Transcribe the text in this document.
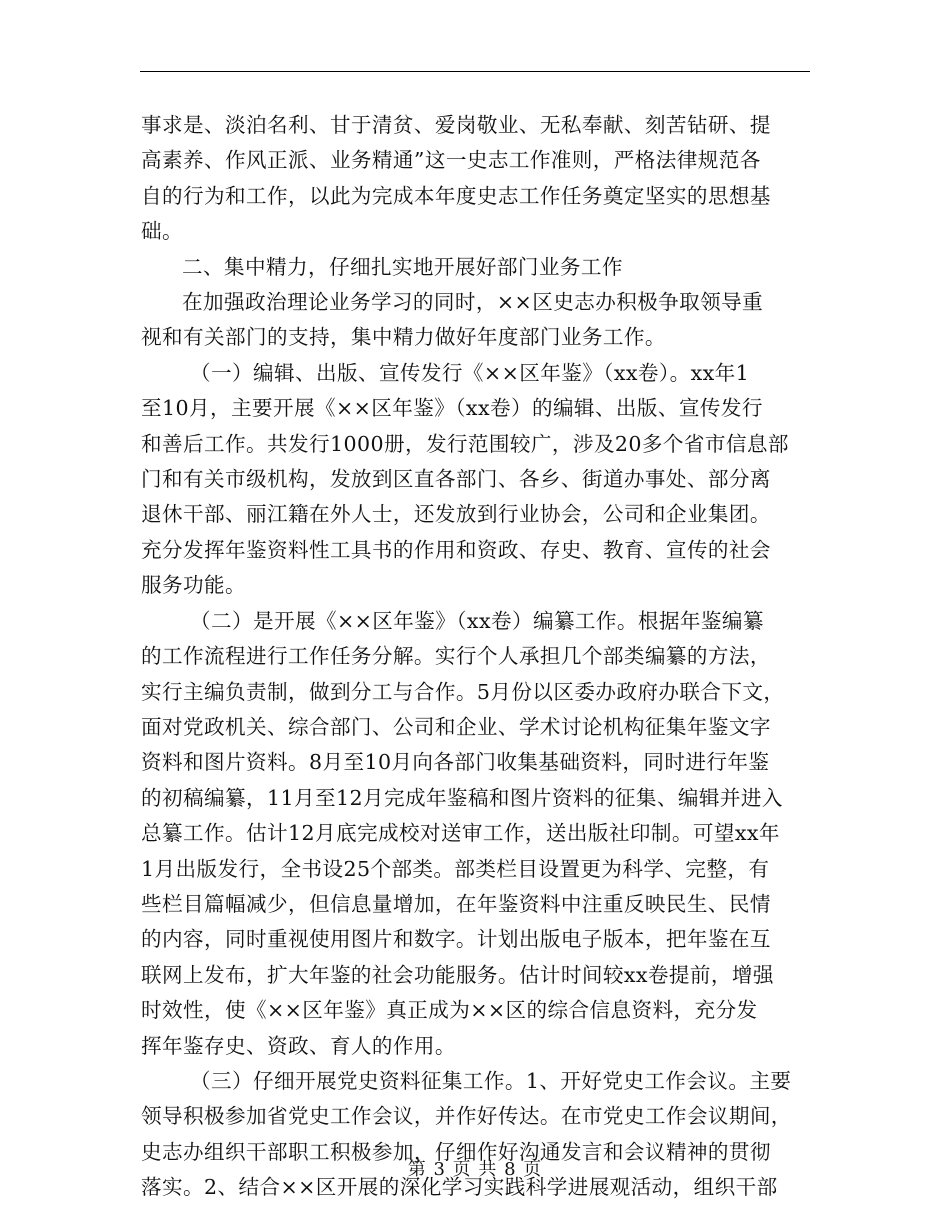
事求是、淡泊名利、甘于清贫、爱岗敬业、无私奉献、刻苦钻研、提

高素养、作风正派、业务精通”这一史志工作准则，严格法律规范各

自的行为和工作，以此为完成本年度史志工作任务奠定坚实的思想基

础。

二、集中精力，仔细扎实地开展好部门业务工作

在加强政治理论业务学习的同时，××区史志办积极争取领导重

视和有关部门的支持，集中精力做好年度部门业务工作。

（一）编辑、出版、宣传发行《××区年鉴》（xx卷）。xx年1

至10月，主要开展《××区年鉴》（xx卷）的编辑、出版、宣传发行

和善后工作。共发行1000册，发行范围较广，涉及20多个省市信息部

门和有关市级机构，发放到区直各部门、各乡、街道办事处、部分离

退休干部、丽江籍在外人士，还发放到行业协会，公司和企业集团。

充分发挥年鉴资料性工具书的作用和资政、存史、教育、宣传的社会

服务功能。

（二）是开展《××区年鉴》（xx卷）编纂工作。根据年鉴编纂

的工作流程进行工作任务分解。实行个人承担几个部类编纂的方法，

实行主编负责制，做到分工与合作。5月份以区委办政府办联合下文，

面对党政机关、综合部门、公司和企业、学术讨论机构征集年鉴文字

资料和图片资料。8月至10月向各部门收集基础资料，同时进行年鉴

的初稿编纂，11月至12月完成年鉴稿和图片资料的征集、编辑并进入

总纂工作。估计12月底完成校对送审工作，送出版社印制。可望xx年

1月出版发行，全书设25个部类。部类栏目设置更为科学、完整，有

些栏目篇幅减少，但信息量增加，在年鉴资料中注重反映民生、民情

的内容，同时重视使用图片和数字。计划出版电子版本，把年鉴在互

联网上发布，扩大年鉴的社会功能服务。估计时间较xx卷提前，增强

时效性，使《××区年鉴》真正成为××区的综合信息资料，充分发

挥年鉴存史、资政、育人的作用。

（三）仔细开展党史资料征集工作。1、开好党史工作会议。主要

领导积极参加省党史工作会议，并作好传达。在市党史工作会议期间，

史志办组织干部职工积极参加，仔细作好沟通发言和会议精神的贯彻

落实。2、结合××区开展的深化学习实践科学进展观活动，组织干部

第 3 页 共 8 页
